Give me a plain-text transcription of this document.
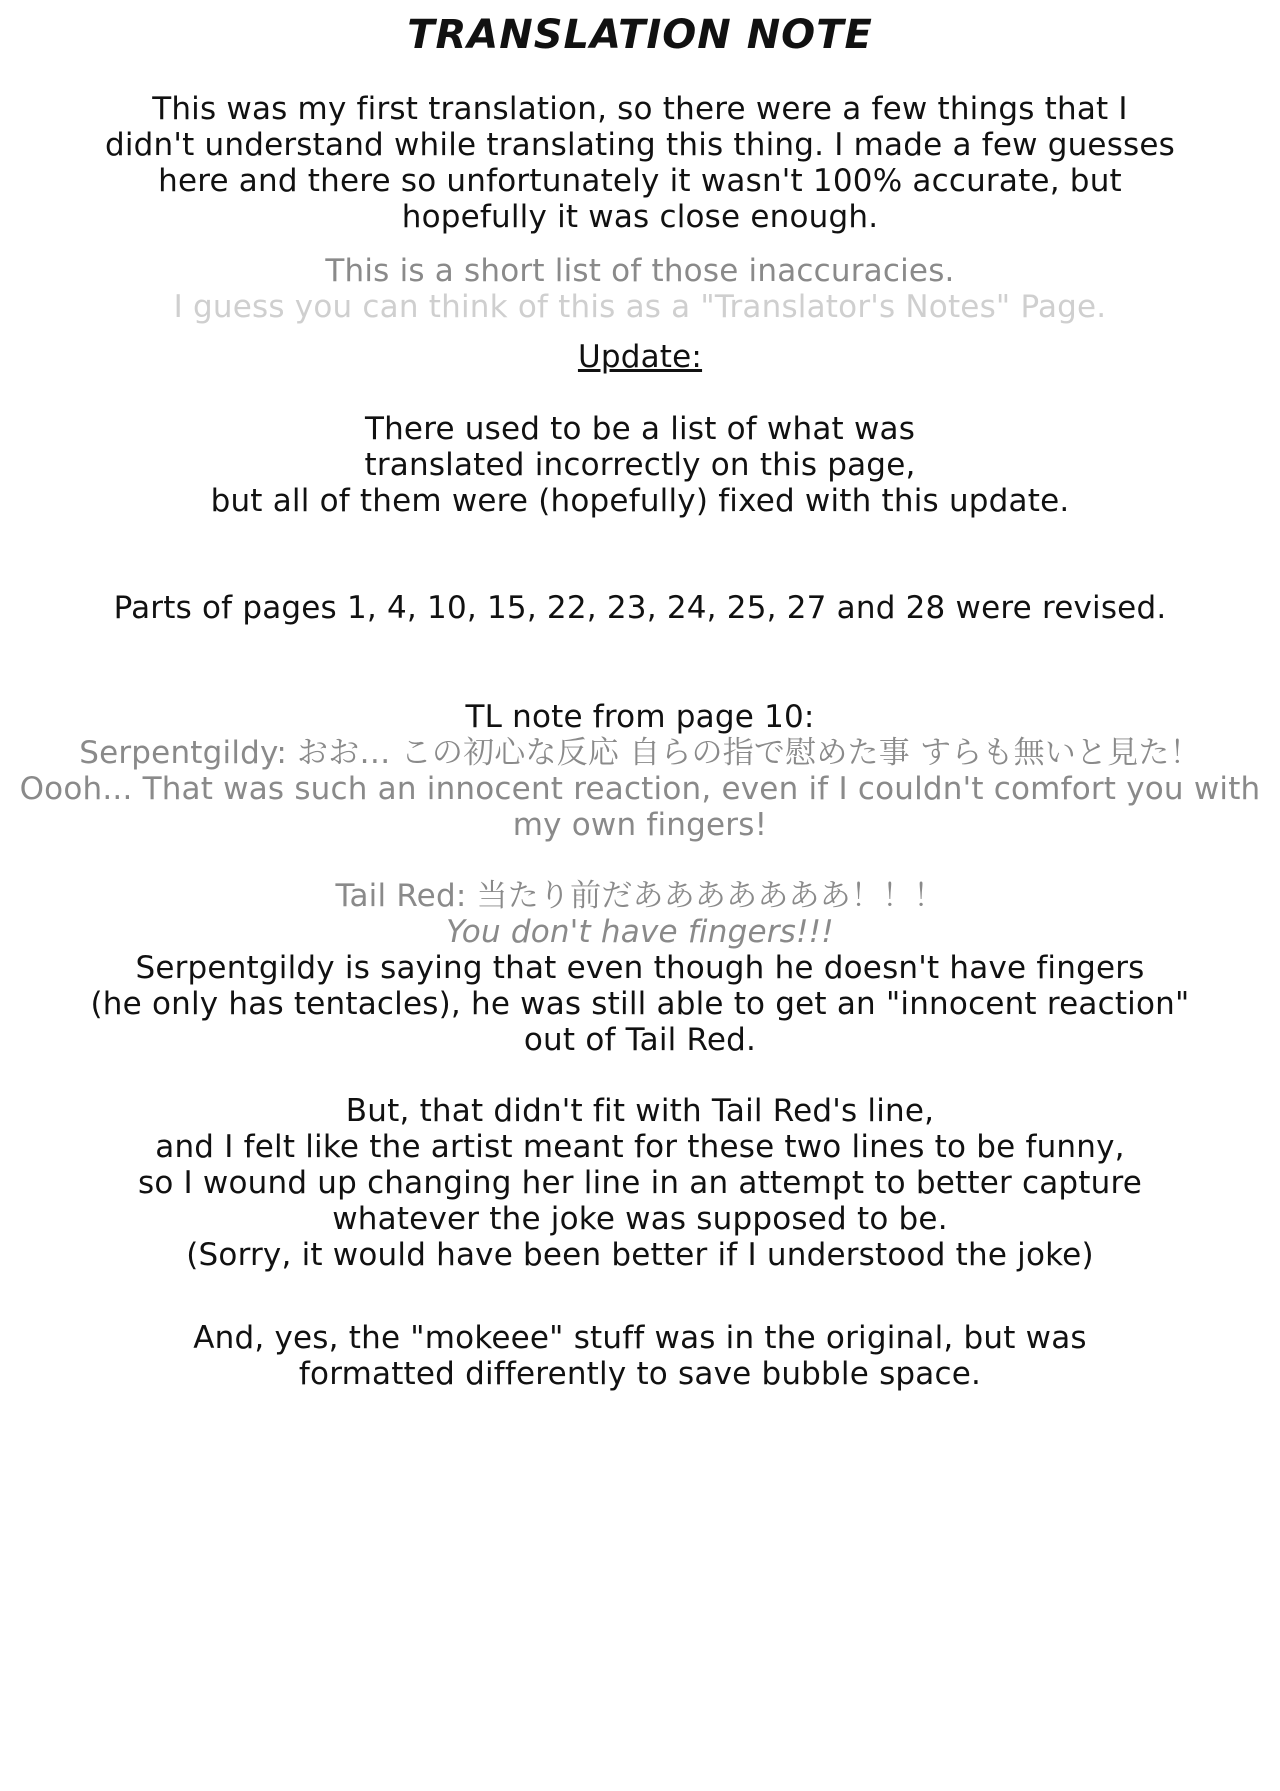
TRANSLATION NOTE
This was my first translation, so there were a few things that I
didn't understand while translating this thing. I made a few guesses
here and there so unfortunately it wasn't 100% accurate, but
hopefully it was close enough.
This is a short list of those inaccuracies.
I guess you can think of this as a "Translator's Notes" Page.
Update:
There used to be a list of what was
translated incorrectly on this page,
but all of them were (hopefully) fixed with this update.
Parts of pages 1, 4, 10, 15, 22, 23, 24, 25, 27 and 28 were revised.
TL note from page 10:
Serpentgildy: おお… この初心な反応 自らの指で慰めた事 すらも無いと見た！
Oooh... That was such an innocent reaction, even if I couldn't comfort you with
my own fingers!
Tail Red: 当たり前だあああああああ！！！
You don't have fingers!!!
Serpentgildy is saying that even though he doesn't have fingers
(he only has tentacles), he was still able to get an "innocent reaction"
out of Tail Red.
But, that didn't fit with Tail Red's line,
and I felt like the artist meant for these two lines to be funny,
so I wound up changing her line in an attempt to better capture
whatever the joke was supposed to be.
(Sorry, it would have been better if I understood the joke)
And, yes, the "mokeee" stuff was in the original, but was
formatted differently to save bubble space.
